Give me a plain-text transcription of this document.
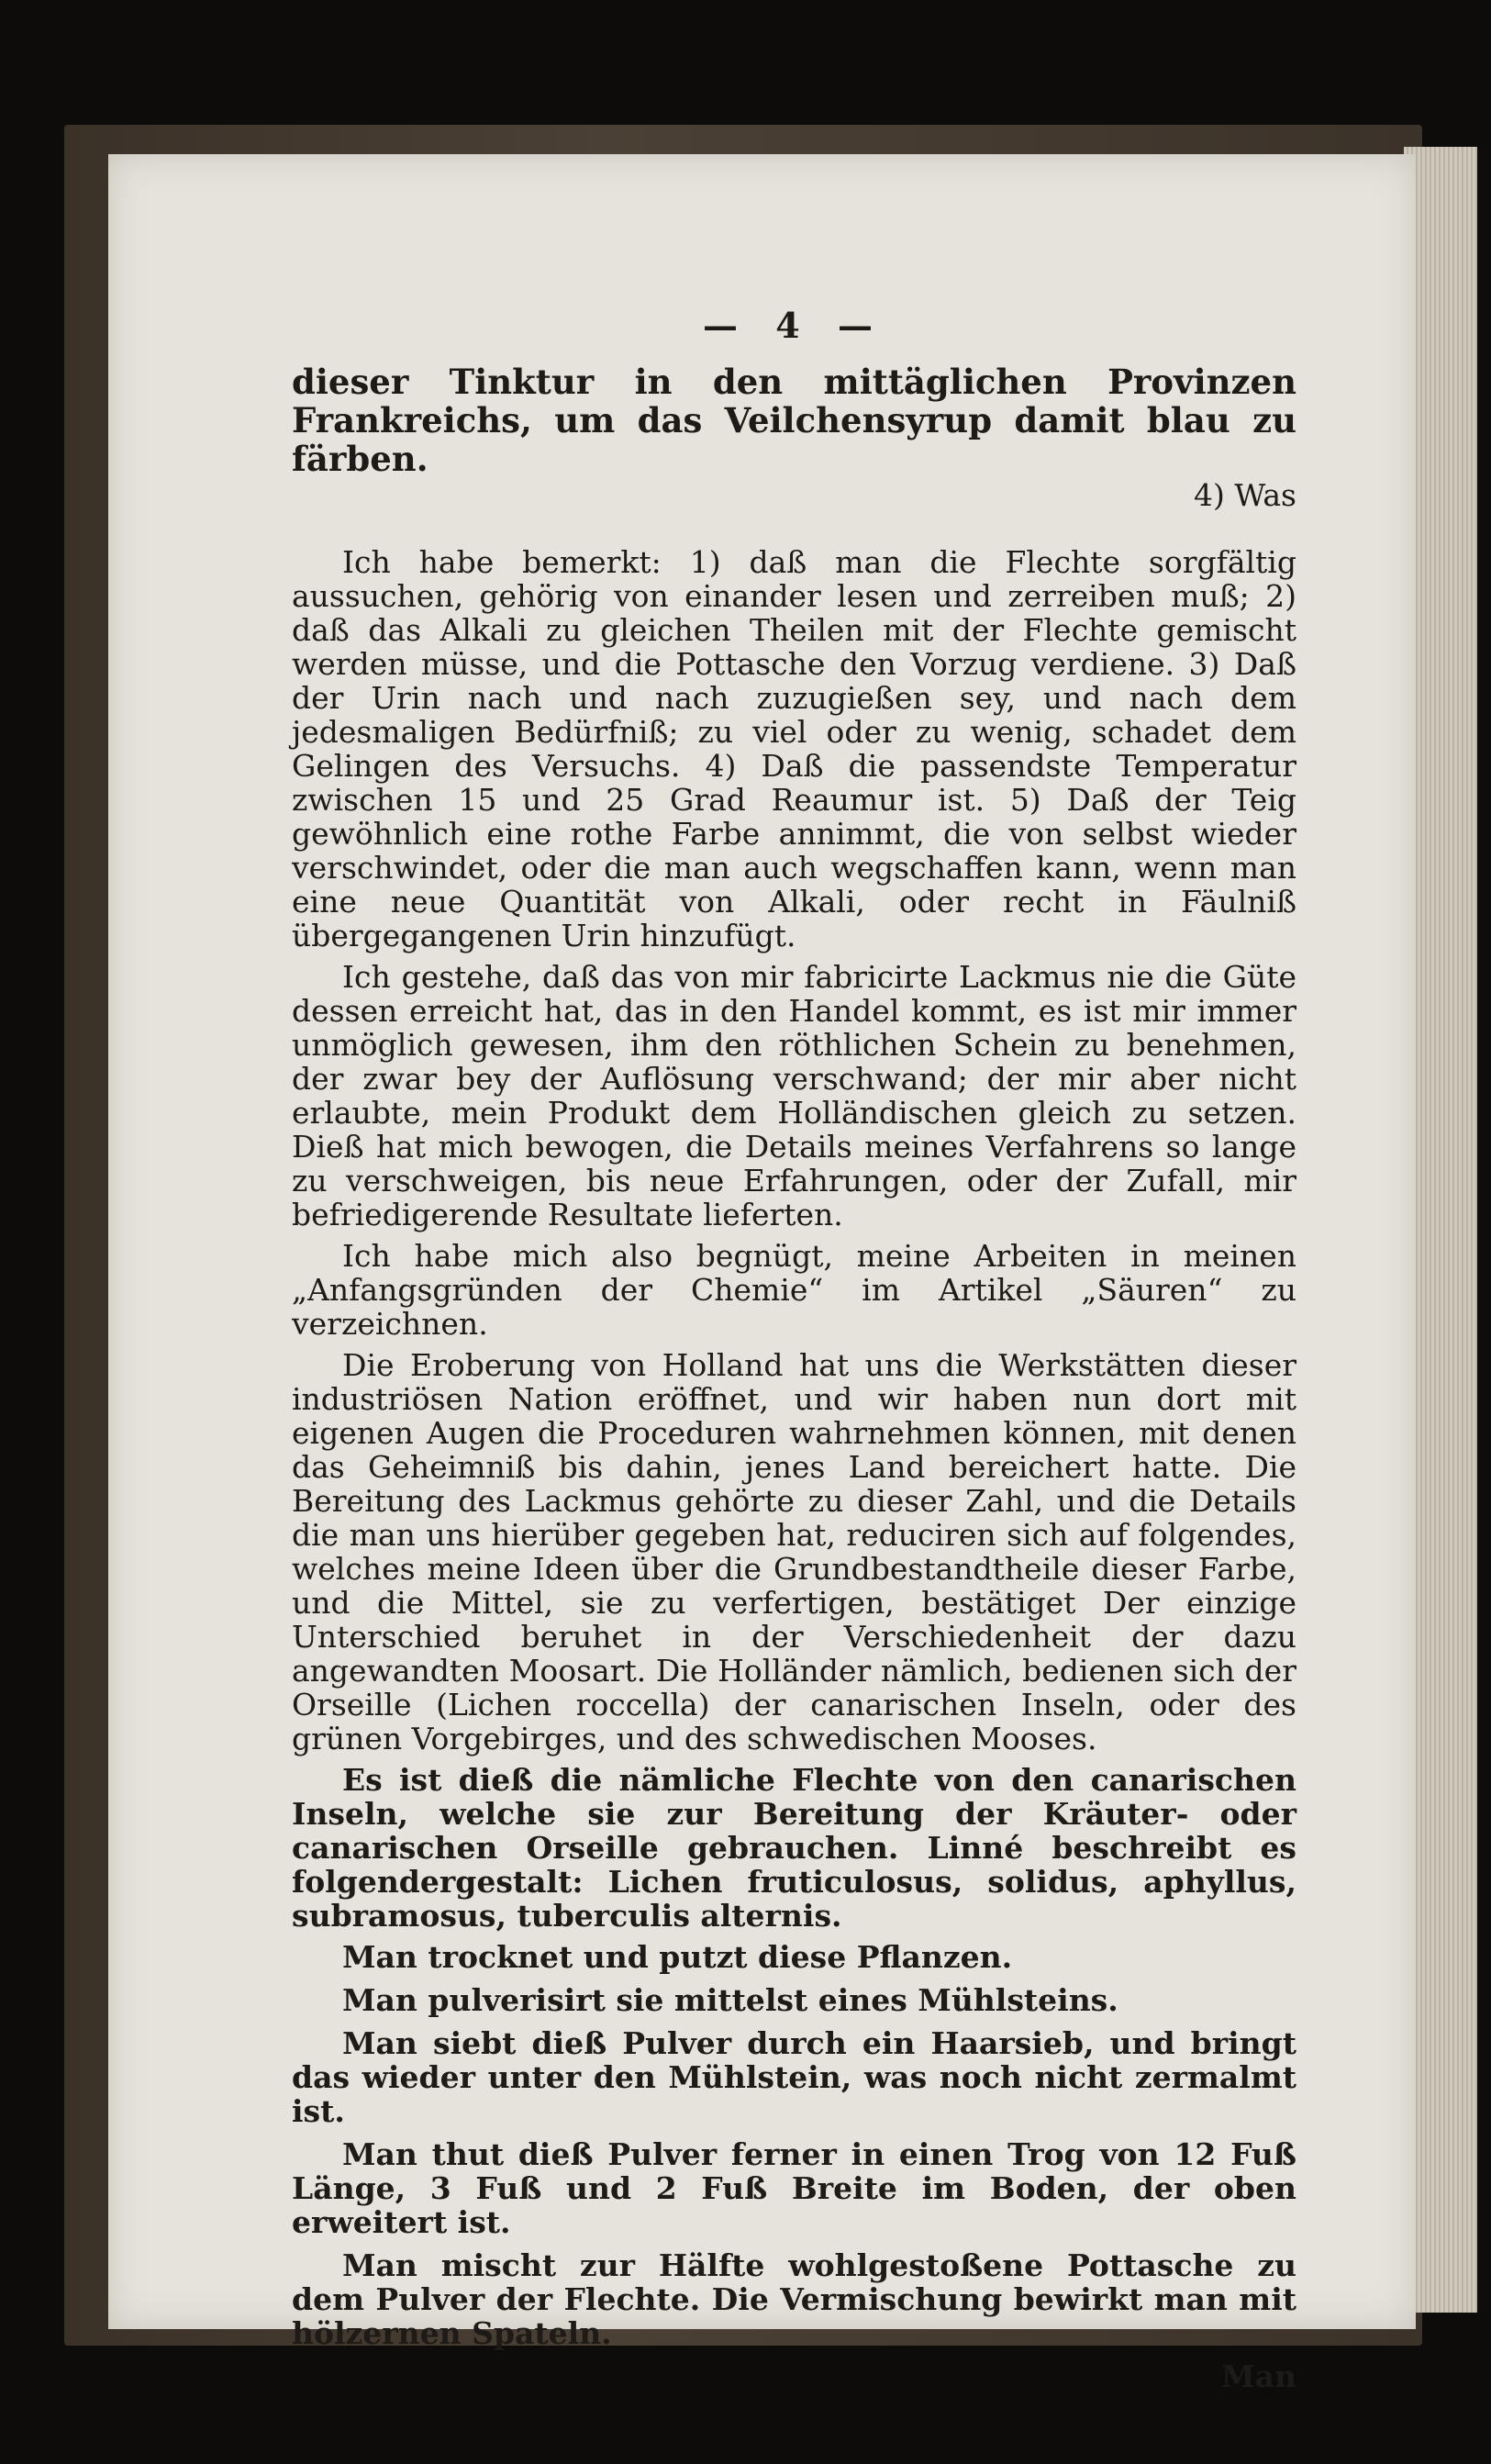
— 4 —

dieser Tinktur in den mittäglichen Provinzen Frankreichs, um das Veilchensyrup damit blau zu färben.

4) Was

Ich habe bemerkt: 1) daß man die Flechte sorgfältig aussuchen, gehörig von einander lesen und zerreiben muß; 2) daß das Alkali zu gleichen Theilen mit der Flechte gemischt werden müsse, und die Pottasche den Vorzug verdiene. 3) Daß der Urin nach und nach zuzugießen sey, und nach dem jedesmaligen Bedürfniß; zu viel oder zu wenig, schadet dem Gelingen des Versuchs. 4) Daß die passendste Temperatur zwischen 15 und 25 Grad Reaumur ist. 5) Daß der Teig gewöhnlich eine rothe Farbe annimmt, die von selbst wieder verschwindet, oder die man auch wegschaffen kann, wenn man eine neue Quantität von Alkali, oder recht in Fäulniß übergegangenen Urin hinzufügt.

Ich gestehe, daß das von mir fabricirte Lackmus nie die Güte dessen erreicht hat, das in den Handel kommt, es ist mir immer unmöglich gewesen, ihm den röthlichen Schein zu benehmen, der zwar bey der Auflösung verschwand; der mir aber nicht erlaubte, mein Produkt dem Holländischen gleich zu setzen. Dieß hat mich bewogen, die Details meines Verfahrens so lange zu verschweigen, bis neue Erfahrungen, oder der Zufall, mir befriedigerende Resultate lieferten.

Ich habe mich also begnügt, meine Arbeiten in meinen „Anfangsgründen der Chemie“ im Artikel „Säuren“ zu verzeichnen.

Die Eroberung von Holland hat uns die Werkstätten dieser industriösen Nation eröffnet, und wir haben nun dort mit eigenen Augen die Proceduren wahrnehmen können, mit denen das Geheimniß bis dahin, jenes Land bereichert hatte. Die Bereitung des Lackmus gehörte zu dieser Zahl, und die Details die man uns hierüber gegeben hat, reduciren sich auf folgendes, welches meine Ideen über die Grundbestandtheile dieser Farbe, und die Mittel, sie zu verfertigen, bestätiget Der einzige Unterschied beruhet in der Verschiedenheit der dazu angewandten Moosart. Die Holländer nämlich, bedienen sich der Orseille (Lichen roccella) der canarischen Inseln, oder des grünen Vorgebirges, und des schwedischen Mooses.

Es ist dieß die nämliche Flechte von den canarischen Inseln, welche sie zur Bereitung der Kräuter- oder canarischen Orseille gebrauchen. Linné beschreibt es folgendergestalt: Lichen fruticulosus, solidus, aphyllus, subramosus, tuberculis alternis.

Man trocknet und putzt diese Pflanzen.

Man pulverisirt sie mittelst eines Mühlsteins.

Man siebt dieß Pulver durch ein Haarsieb, und bringt das wieder unter den Mühlstein, was noch nicht zermalmt ist.

Man thut dieß Pulver ferner in einen Trog von 12 Fuß Länge, 3 Fuß und 2 Fuß Breite im Boden, der oben erweitert ist.

Man mischt zur Hälfte wohlgestoßene Pottasche zu dem Pulver der Flechte. Die Vermischung bewirkt man mit hölzernen Spateln.

Man
